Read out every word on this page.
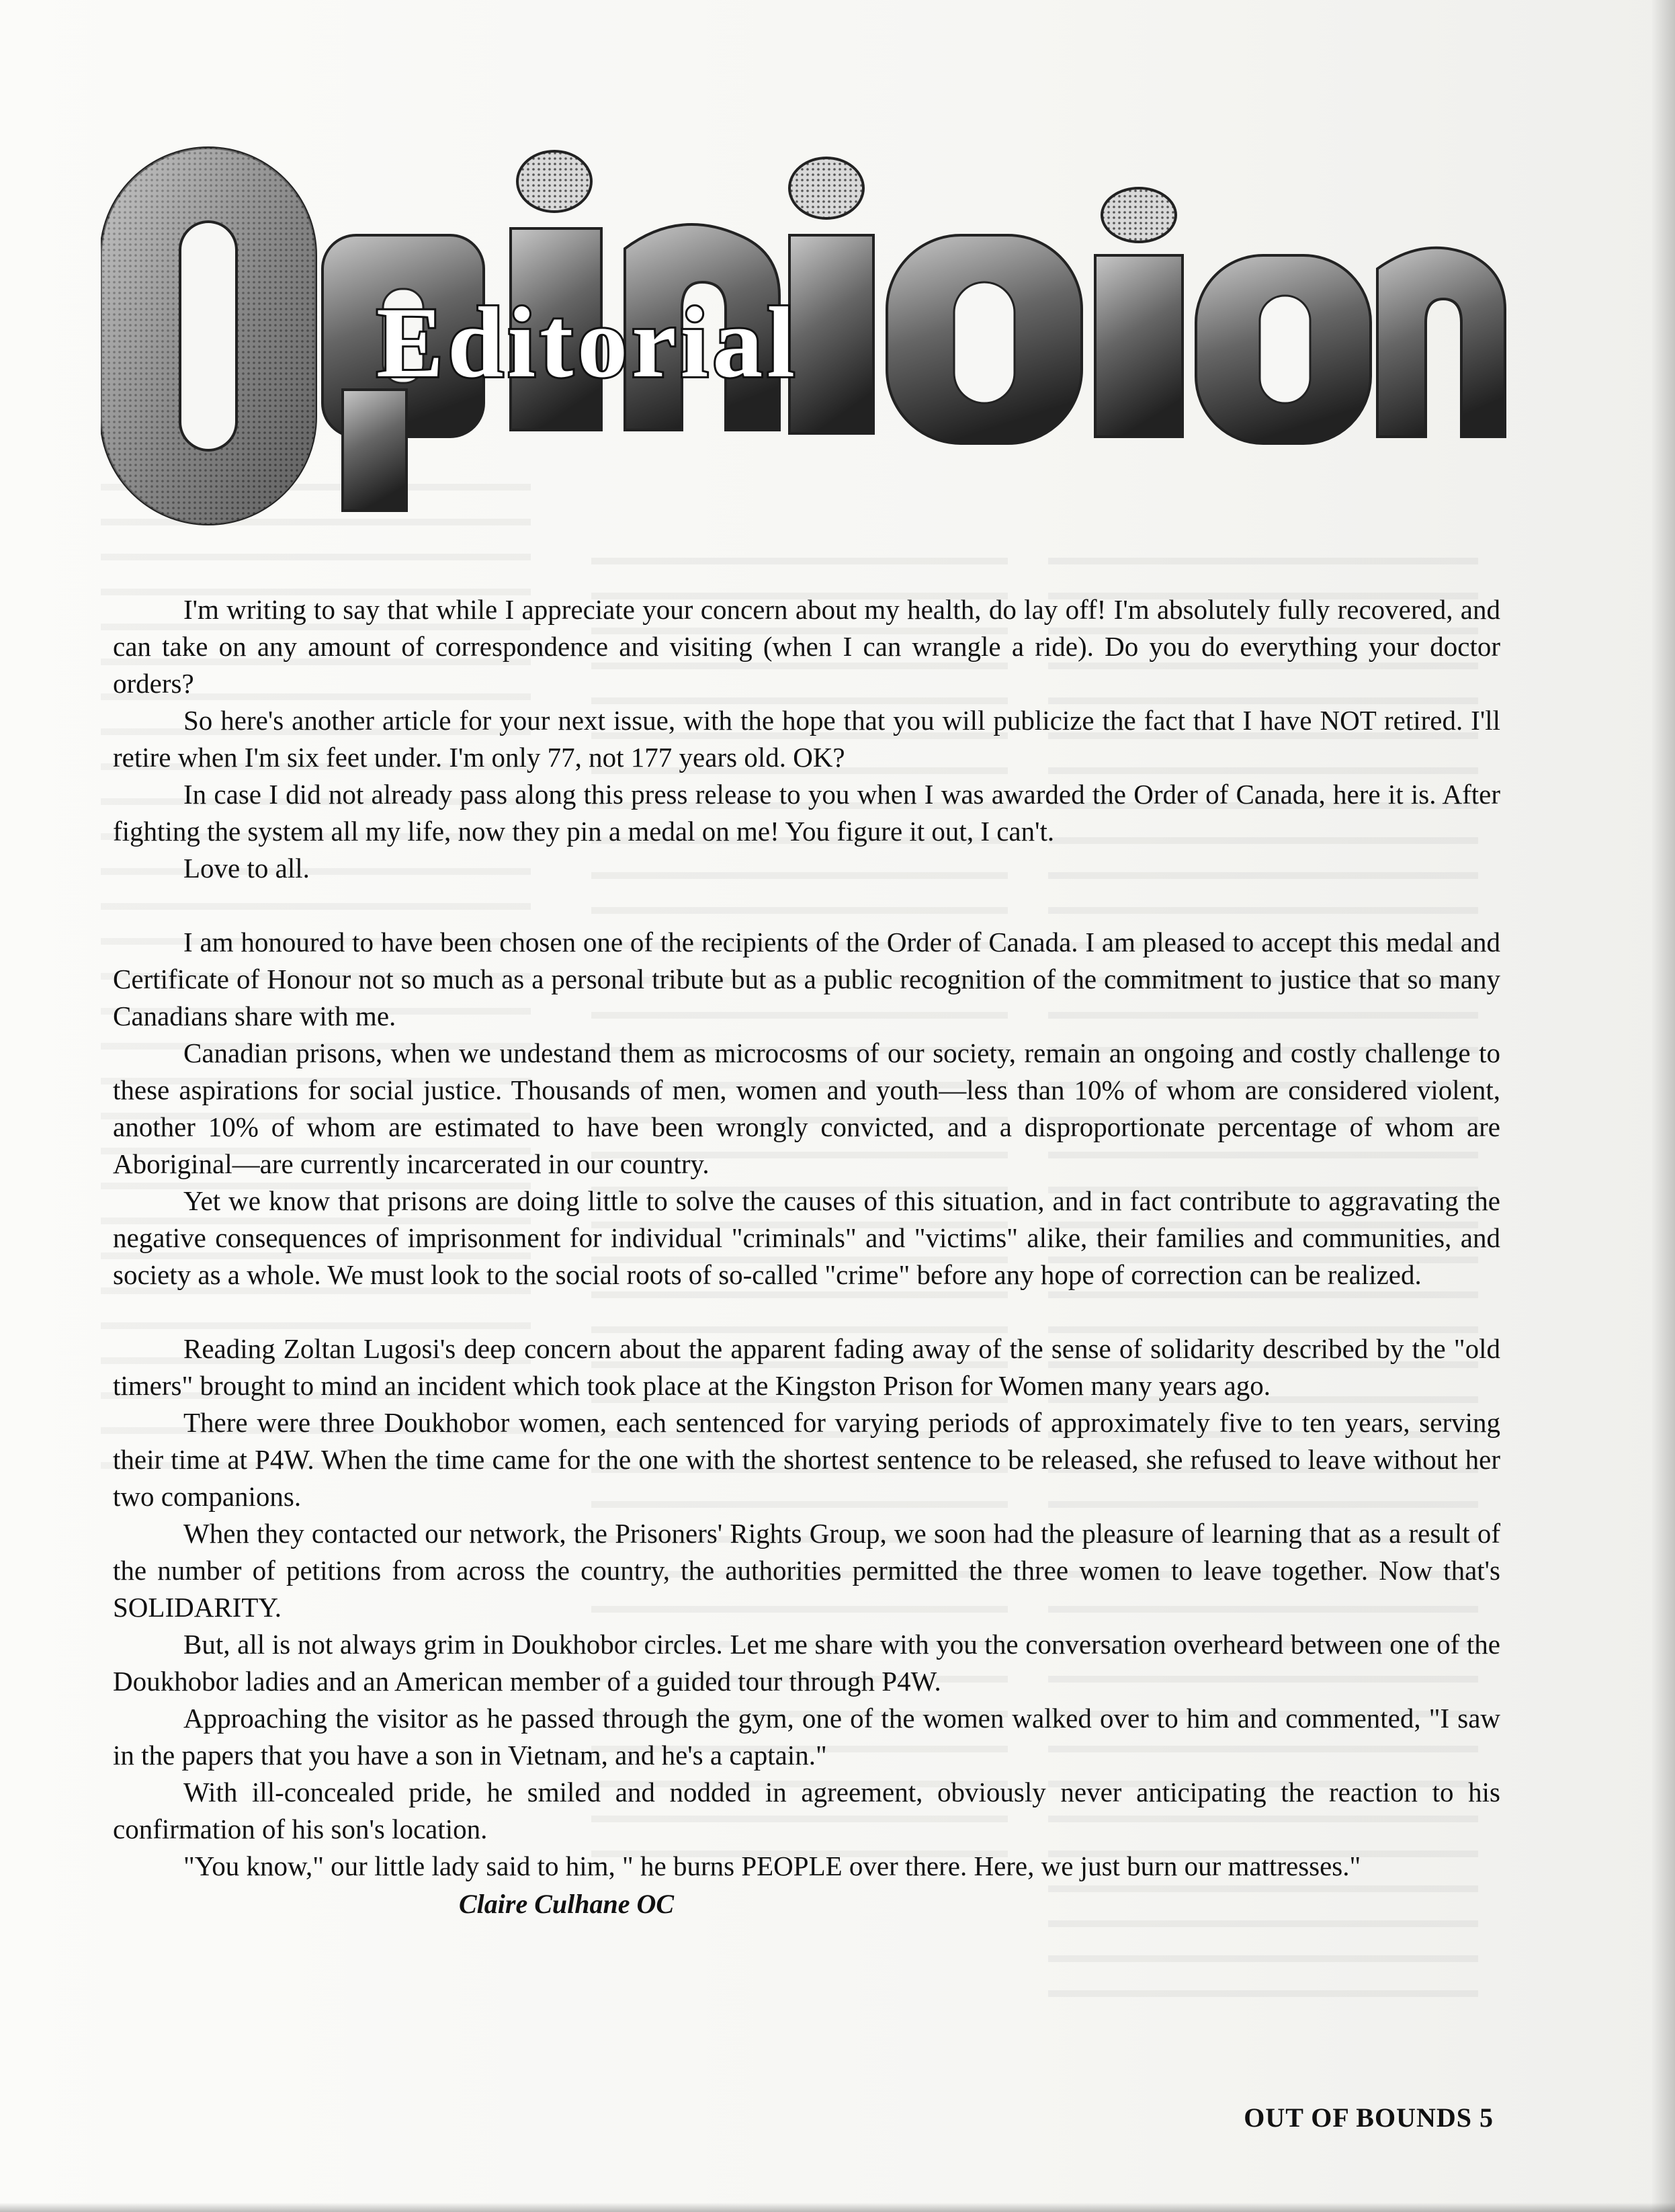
Editorial

I'm writing to say that while I appreciate your concern about my health, do lay off! I'm absolutely fully recovered, and can take on any amount of correspondence and visiting (when I can wrangle a ride). Do you do everything your doctor orders?

So here's another article for your next issue, with the hope that you will publicize the fact that I have NOT retired. I'll retire when I'm six feet under. I'm only 77, not 177 years old. OK?

In case I did not already pass along this press release to you when I was awarded the Order of Canada, here it is. After fighting the system all my life, now they pin a medal on me! You figure it out, I can't.

Love to all.

I am honoured to have been chosen one of the recipients of the Order of Canada. I am pleased to accept this medal and Certificate of Honour not so much as a personal tribute but as a public recognition of the commitment to justice that so many Canadians share with me.

Canadian prisons, when we undestand them as microcosms of our society, remain an ongoing and costly challenge to these aspirations for social justice. Thousands of men, women and youth—less than 10% of whom are considered violent, another 10% of whom are estimated to have been wrongly convicted, and a disproportionate percentage of whom are Aboriginal—are currently incarcerated in our country.

Yet we know that prisons are doing little to solve the causes of this situation, and in fact contribute to aggravating the negative consequences of imprisonment for individual "criminals" and "victims" alike, their families and communities, and society as a whole. We must look to the social roots of so-called "crime" before any hope of correction can be realized.

Reading Zoltan Lugosi's deep concern about the apparent fading away of the sense of solidarity described by the "old timers" brought to mind an incident which took place at the Kingston Prison for Women many years ago.

There were three Doukhobor women, each sentenced for varying periods of approximately five to ten years, serving their time at P4W. When the time came for the one with the shortest sentence to be released, she refused to leave without her two companions.

When they contacted our network, the Prisoners' Rights Group, we soon had the pleasure of learning that as a result of the number of petitions from across the country, the authorities permitted the three women to leave together. Now that's SOLIDARITY.

But, all is not always grim in Doukhobor circles. Let me share with you the conversation overheard between one of the Doukhobor ladies and an American member of a guided tour through P4W.

Approaching the visitor as he passed through the gym, one of the women walked over to him and commented, "I saw in the papers that you have a son in Vietnam, and he's a captain."

With ill-concealed pride, he smiled and nodded in agreement, obviously never anticipating the reaction to his confirmation of his son's location.

"You know," our little lady said to him, " he burns PEOPLE over there. Here, we just burn our mattresses."

Claire Culhane OC

OUT OF BOUNDS 5
